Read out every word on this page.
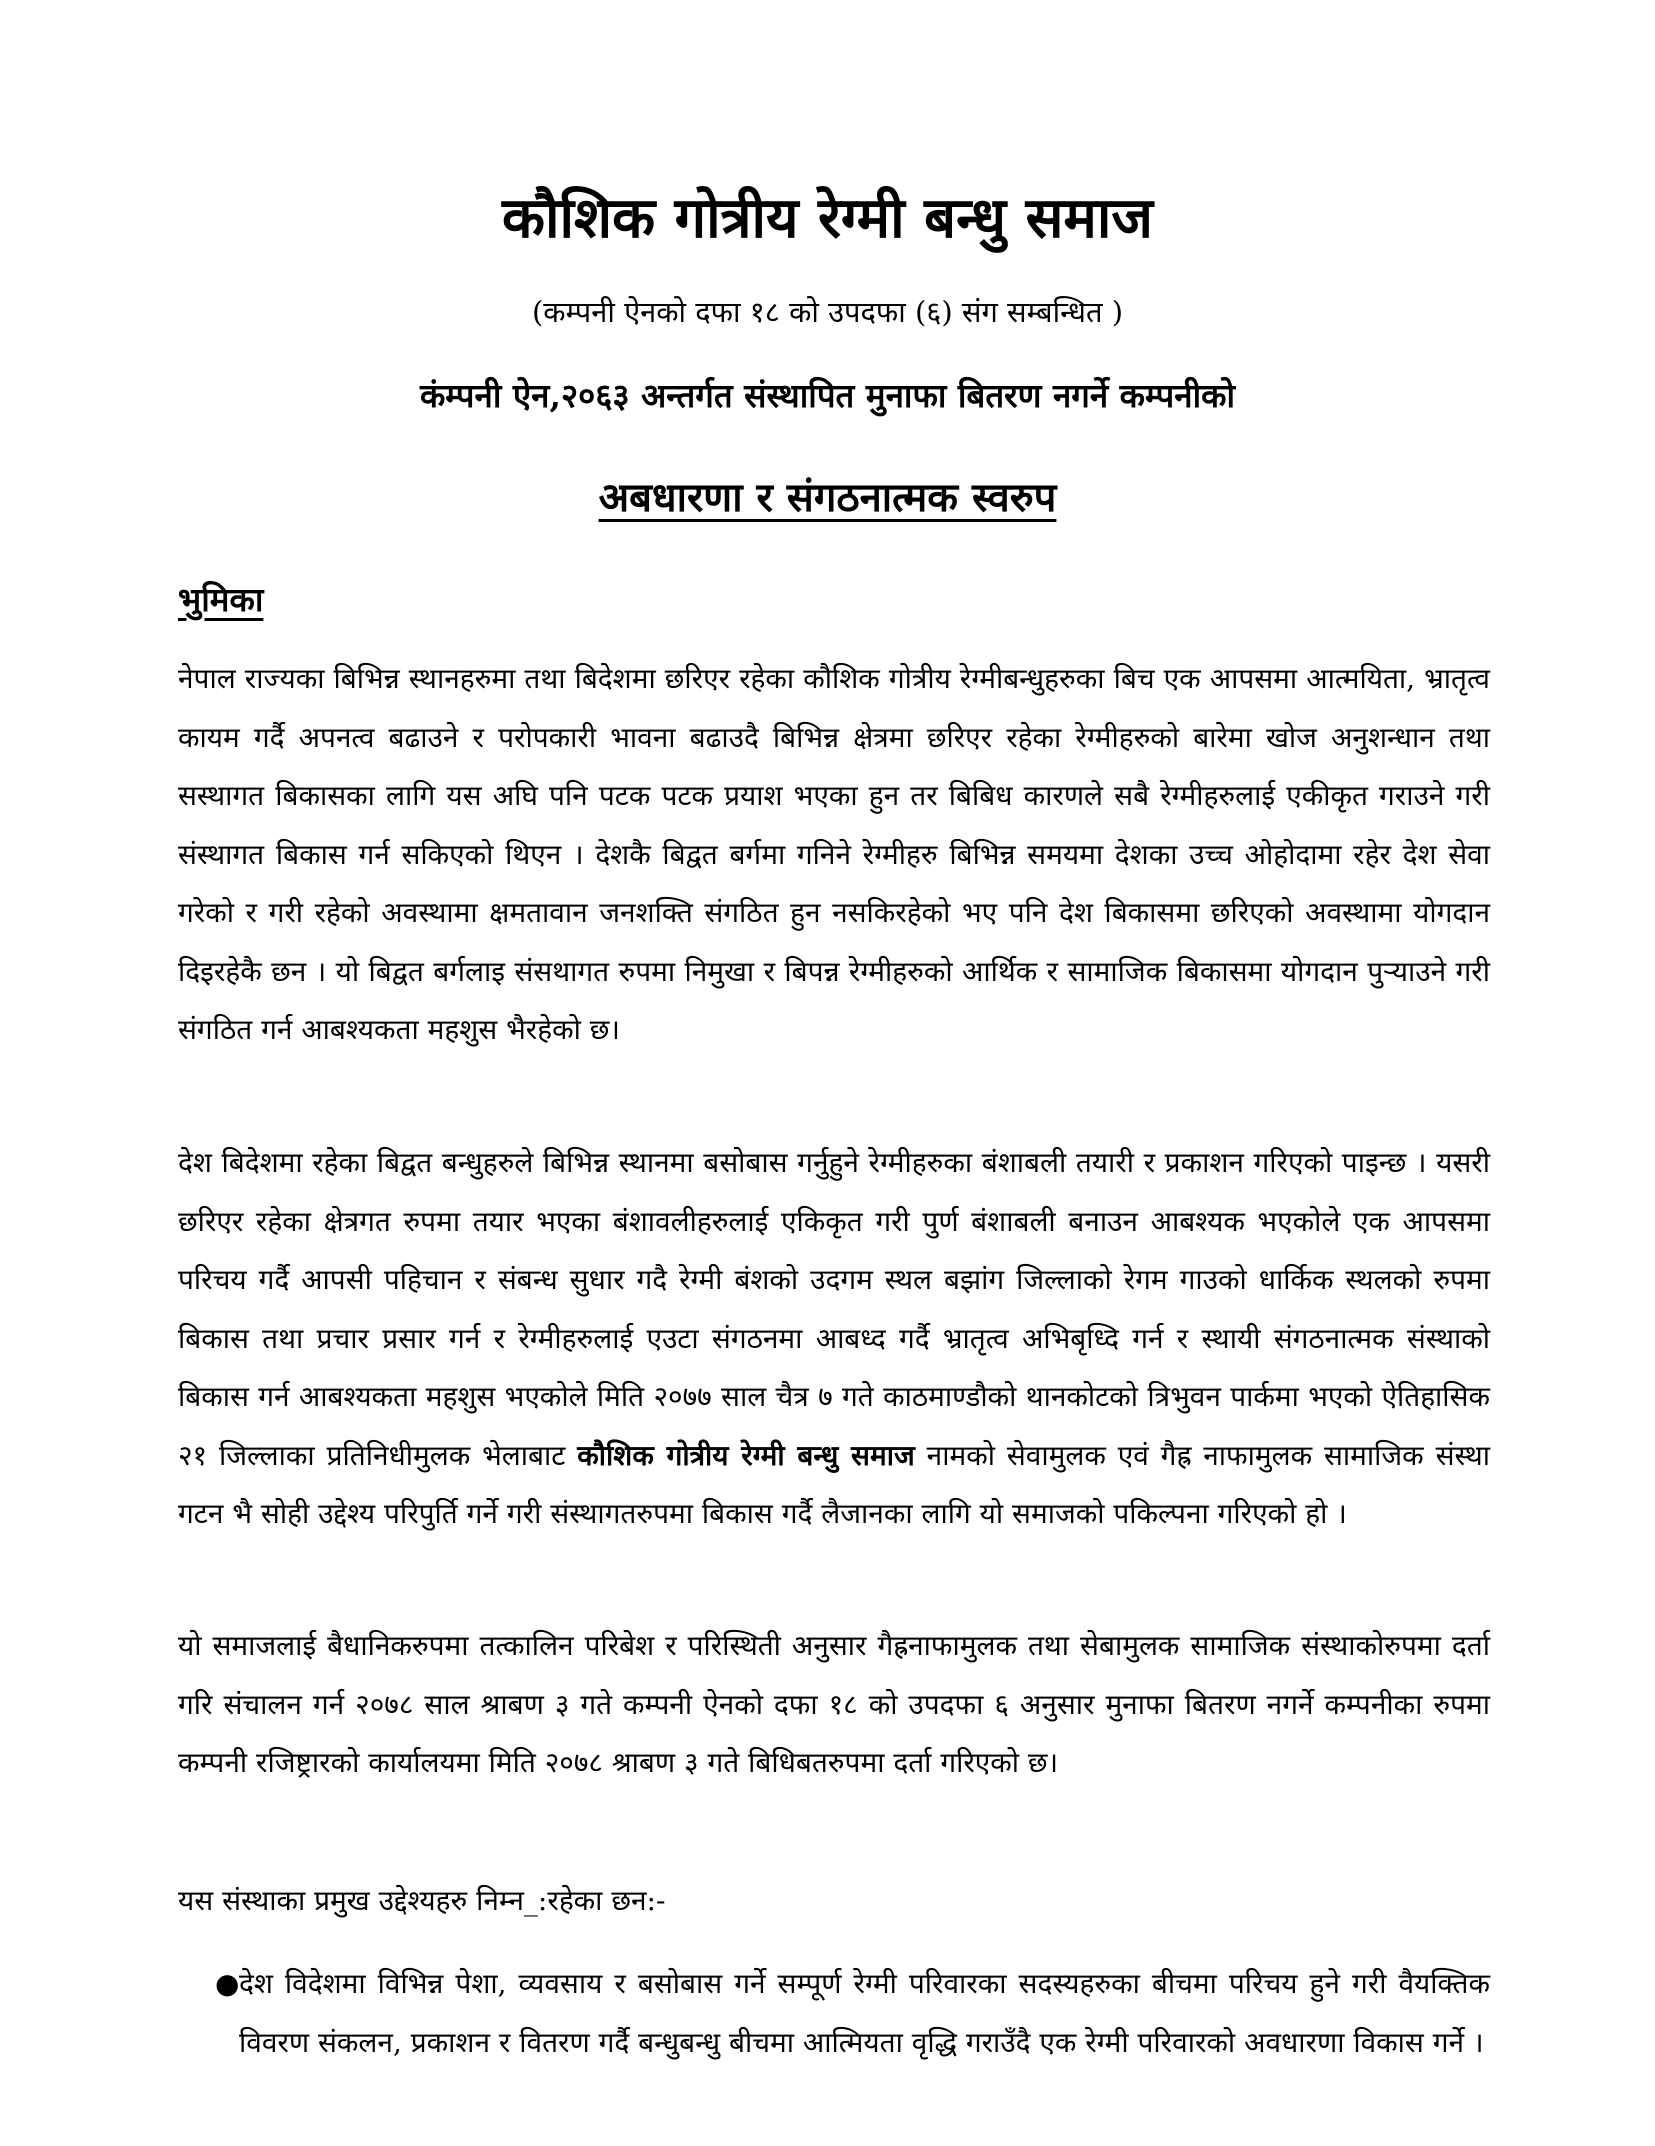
कौशिक गोत्रीय रेग्मी बन्धु समाज

(कम्पनी ऐनको दफा १८ को उपदफा (६) संग सम्बन्धित )

कंम्पनी ऐन,२०६३ अन्तर्गत संस्थापित मुनाफा बितरण नगर्ने कम्पनीको
अबधारणा र संगठनात्मक स्वरुप
भुमिका

नेपाल राज्यका बिभिन्न स्थानहरुमा तथा बिदेशमा छरिएर रहेका कौशिक गोत्रीय रेग्मीबन्धुहरुका बिच एक आपसमा आत्मयिता, भ्रातृत्व कायम गर्दै अपनत्व बढाउने र परोपकारी भावना बढाउदै बिभिन्न क्षेत्रमा छरिएर रहेका रेग्मीहरुको बारेमा खोज अनुशन्धान तथा सस्थागत बिकासका लागि यस अघि पनि पटक पटक प्रयाश भएका हुन तर बिबिध कारणले सबै रेग्मीहरुलाई एकीकृत गराउने गरी संस्थागत बिकास गर्न सकिएको थिएन । देशकै बिद्वत बर्गमा गनिने रेग्मीहरु बिभिन्न समयमा देशका उच्च ओहोदामा रहेर देश सेवा गरेको र गरी रहेको अवस्थामा क्षमतावान जनशक्ति संगठित हुन नसकिरहेको भए पनि देश बिकासमा छरिएको अवस्थामा योगदान दिइरहेकै छन । यो बिद्वत बर्गलाइ संसथागत रुपमा निमुखा र बिपन्न रेग्मीहरुको आर्थिक र सामाजिक बिकासमा योगदान पुऱ्याउने गरी संगठित गर्न आबश्यकता महशुस भैरहेको छ।

देश बिदेशमा रहेका बिद्वत बन्धुहरुले बिभिन्न स्थानमा बसोबास गर्नुहुने रेग्मीहरुका बंशाबली तयारी र प्रकाशन गरिएको पाइन्छ । यसरी छरिएर रहेका क्षेत्रगत रुपमा तयार भएका बंशावलीहरुलाई एकिकृत गरी पुर्ण बंशाबली बनाउन आबश्यक भएकोले एक आपसमा परिचय गर्दै आपसी पहिचान र संबन्ध सुधार गदै रेग्मी बंशको उदगम स्थल बझांग जिल्लाको रेगम गाउको धार्किक स्थलको रुपमा बिकास तथा प्रचार प्रसार गर्न र रेग्मीहरुलाई एउटा संगठनमा आबध्द गर्दै भ्रातृत्व अभिबृध्दि गर्न र स्थायी संगठनात्मक संस्थाको बिकास गर्न आबश्यकता महशुस भएकोले मिति २०७७ साल चैत्र ७ गते काठमाण्डौको थानकोटको त्रिभुवन पार्कमा भएको ऐतिहासिक २१ जिल्लाका प्रतिनिधीमुलक भेलाबाट कौशिक गोत्रीय रेग्मी बन्धु समाज नामको सेवामुलक एवं गैह्र नाफामुलक सामाजिक संस्था गटन भै सोही उद्देश्य परिपुर्ति गर्ने गरी संस्थागतरुपमा बिकास गर्दै लैजानका लागि यो समाजको पकिल्पना गरिएको हो ।

यो समाजलाई बैधानिकरुपमा तत्कालिन परिबेश र परिस्थिती अनुसार गैह्रनाफामुलक तथा सेबामुलक सामाजिक संस्थाकोरुपमा दर्ता गरि संचालन गर्न २०७८ साल श्राबण ३ गते कम्पनी ऐनको दफा १८ को उपदफा ६ अनुसार मुनाफा बितरण नगर्ने कम्पनीका रुपमा कम्पनी रजिष्ट्रारको कार्यालयमा मिति २०७८ श्राबण ३ गते बिधिबतरुपमा दर्ता गरिएको छ।

यस संस्थाका प्रमुख उद्देश्यहरु निम्न_:रहेका छन:-

● देश विदेशमा विभिन्न पेशा, व्यवसाय र बसोबास गर्ने सम्पूर्ण रेग्मी परिवारका सदस्यहरुका बीचमा परिचय हुने गरी वैयक्तिक विवरण संकलन, प्रकाशन र वितरण गर्दै बन्धुबन्धु बीचमा आत्मियता वृद्धि गराउँदै एक रेग्मी परिवारको अवधारणा विकास गर्ने ।
